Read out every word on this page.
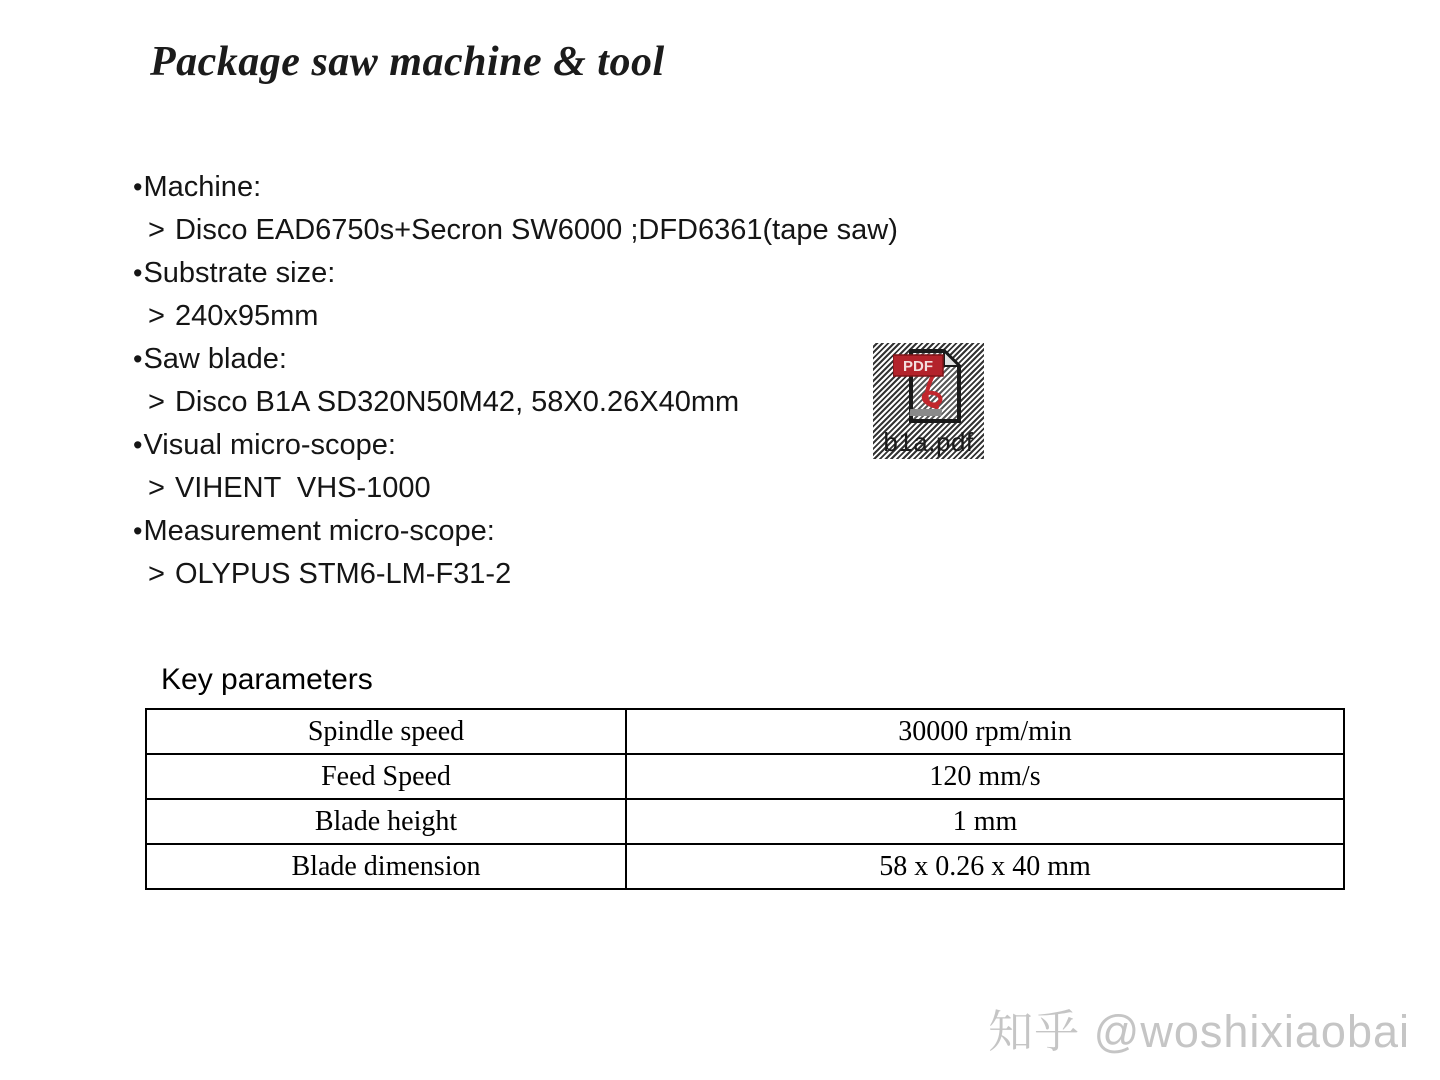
Package saw machine & tool
• Machine:
> Disco EAD6750s+Secron SW6000 ;DFD6361(tape saw)
• Substrate size:
> 240x95mm
• Saw blade:
> Disco B1A SD320N50M42, 58X0.26X40mm
• Visual micro-scope:
> VIHENT  VHS-1000
• Measurement micro-scope:
> OLYPUS STM6-LM-F31-2
PDF
b1a.pdf
Key parameters
Spindle speed	30000 rpm/min
Feed Speed	120 mm/s
Blade height	1 mm
Blade dimension	58 x 0.26 x 40 mm
知乎 @woshixiaobai
